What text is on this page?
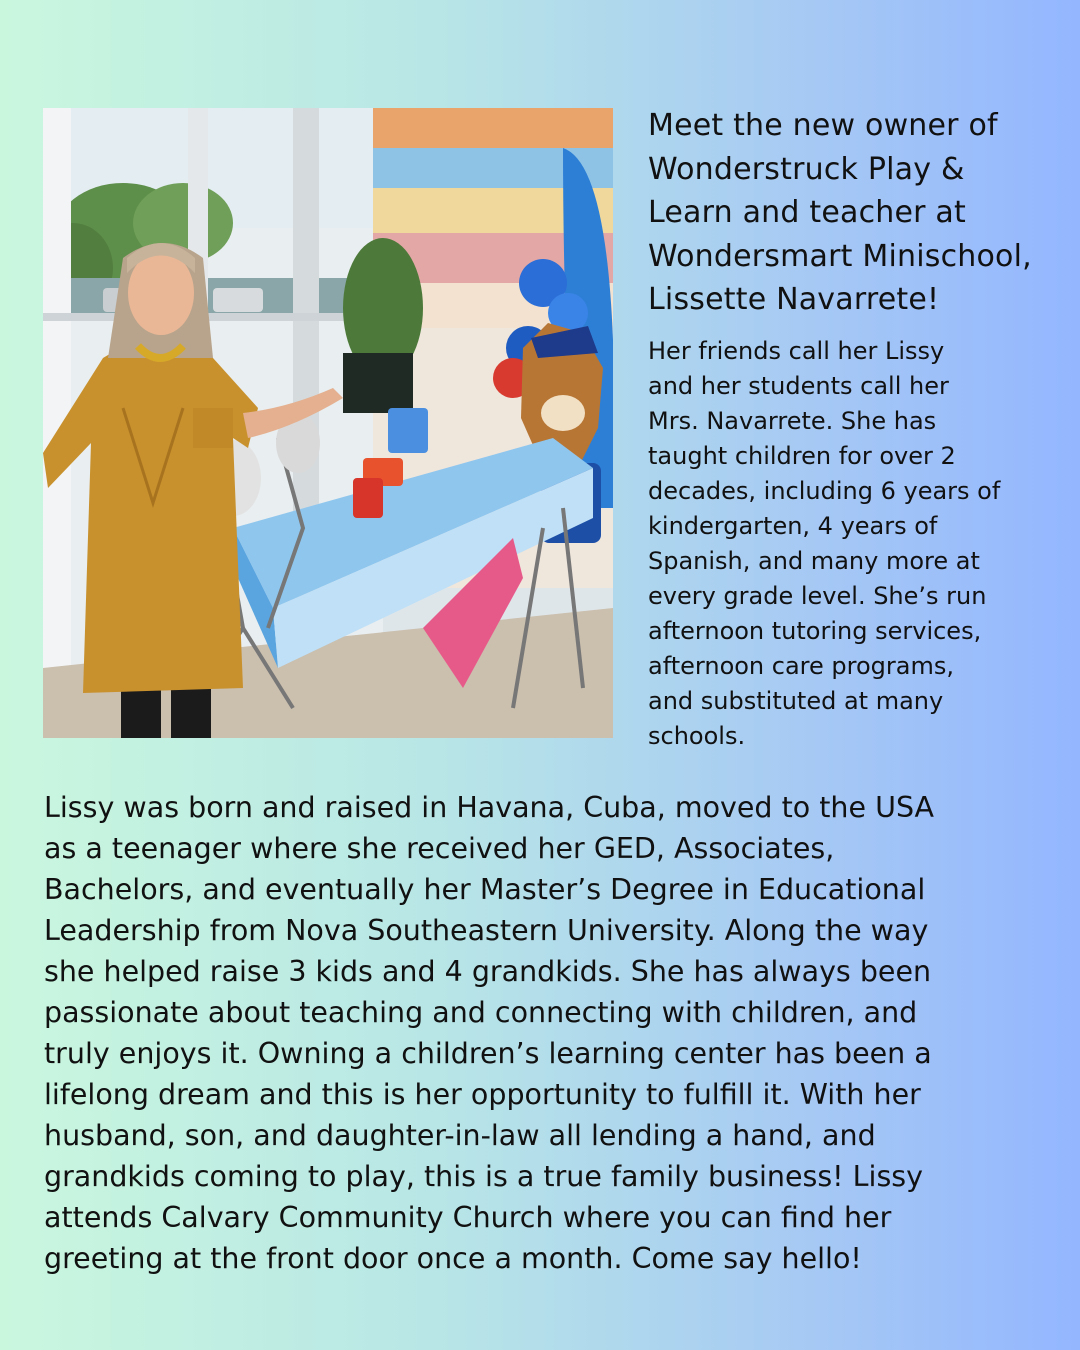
Meet the new owner of
Wonderstruck Play &
Learn and teacher at
Wondersmart Minischool,
Lissette Navarrete!

Her friends call her Lissy
and her students call her
Mrs. Navarrete. She has
taught children for over 2
decades, including 6 years of
kindergarten, 4 years of
Spanish, and many more at
every grade level. She’s run
afternoon tutoring services,
afternoon care programs,
and substituted at many
schools.

Lissy was born and raised in Havana, Cuba, moved to the USA
as a teenager where she received her GED, Associates,
Bachelors, and eventually her Master’s Degree in Educational
Leadership from Nova Southeastern University. Along the way
she helped raise 3 kids and 4 grandkids. She has always been
passionate about teaching and connecting with children, and
truly enjoys it. Owning a children’s learning center has been a
lifelong dream and this is her opportunity to fulfill it. With her
husband, son, and daughter-in-law all lending a hand, and
grandkids coming to play, this is a true family business! Lissy
attends Calvary Community Church where you can find her
greeting at the front door once a month. Come say hello!
